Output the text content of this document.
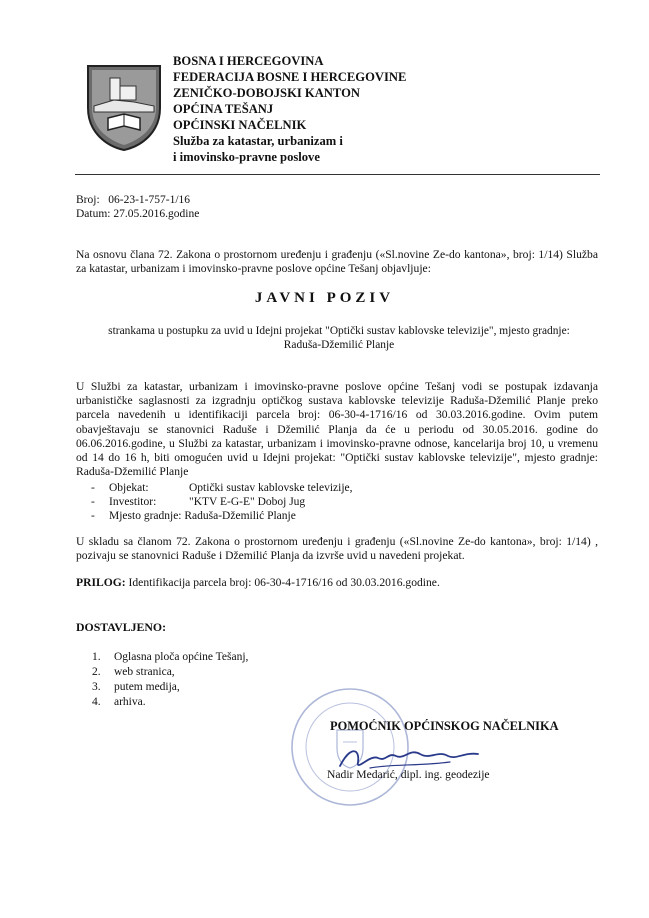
BOSNA I HERCEGOVINA
FEDERACIJA BOSNE I HERCEGOVINE
ZENIČKO-DOBOJSKI KANTON
OPĆINA TEŠANJ
OPĆINSKI NAČELNIK
Služba za katastar, urbanizam i
i imovinsko-pravne poslove
Broj: 06-23-1-757-1/16
Datum: 27.05.2016.godine
Na osnovu člana 72. Zakona o prostornom uređenju i građenju («Sl.novine Ze-do kantona», broj: 1/14) Služba za katastar, urbanizam i imovinsko-pravne poslove općine Tešanj objavljuje:
JAVNI POZIV
strankama u postupku za uvid u Idejni projekat "Optički sustav kablovske televizije", mjesto gradnje: Raduša-Džemilić Planje
U Službi za katastar, urbanizam i imovinsko-pravne poslove općine Tešanj vodi se postupak izdavanja urbanističke saglasnosti za izgradnju optičkog sustava kablovske televizije Raduša-Džemilić Planje preko parcela navedenih u identifikaciji parcela broj: 06-30-4-1716/16 od 30.03.2016.godine. Ovim putem obavještavaju se stanovnici Raduše i Džemilić Planja da će u periodu od 30.05.2016. godine do 06.06.2016.godine, u Službi za katastar, urbanizam i imovinsko-pravne odnose, kancelarija broj 10, u vremenu od 14 do 16 h, biti omogućen uvid u Idejni projekat: "Optički sustav kablovske televizije", mjesto gradnje: Raduša-Džemilić Planje
- Objekat:	Optički sustav kablovske televizije,
- Investitor:	"KTV E-G-E" Doboj Jug
- Mjesto gradnje: Raduša-Džemilić Planje
U skladu sa članom 72. Zakona o prostornom uređenju i građenju («Sl.novine Ze-do kantona», broj: 1/14) , pozivaju se stanovnici Raduše i Džemilić Planja da izvrše uvid u navedeni projekat.
PRILOG: Identifikacija parcela broj: 06-30-4-1716/16 od 30.03.2016.godine.
DOSTAVLJENO:
1. Oglasna ploča općine Tešanj,
2. web stranica,
3. putem medija,
4. arhiva.
POMOĆNIK OPĆINSKOG NAČELNIKA
Nadir Medarić, dipl. ing. geodezije
